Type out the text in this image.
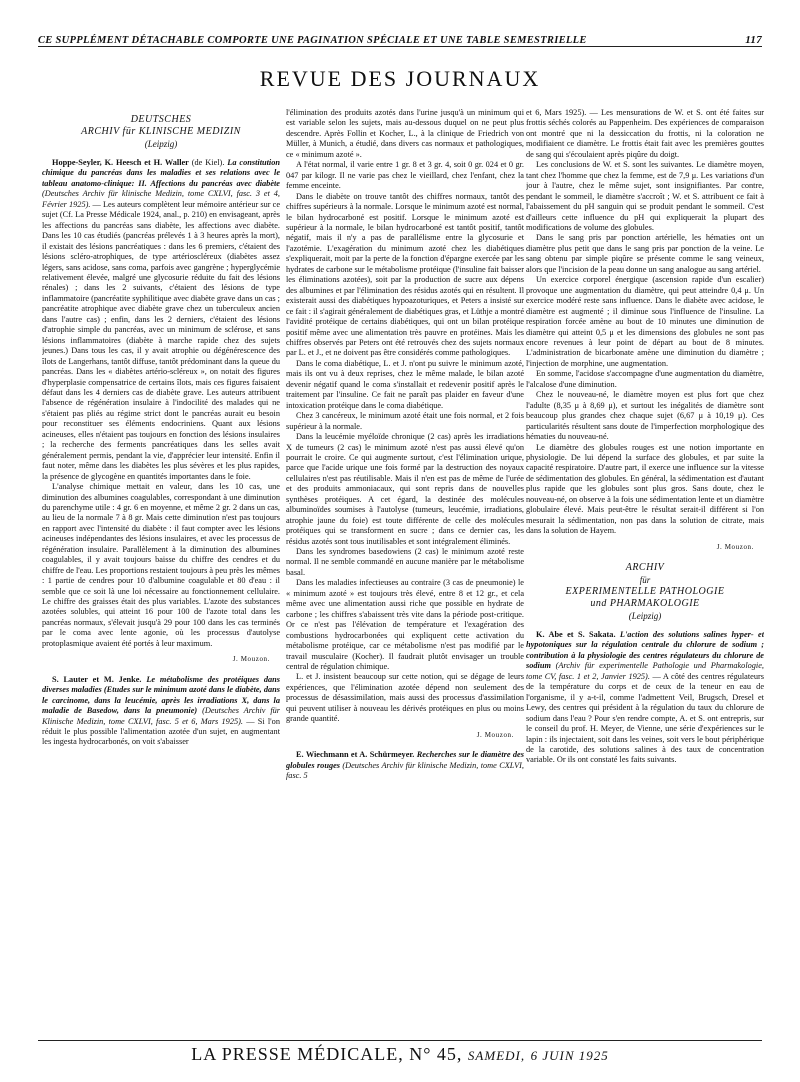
CE SUPPLÉMENT DÉTACHABLE COMPORTE UNE PAGINATION SPÉCIALE ET UNE TABLE SEMESTRIELLE	117
REVUE DES JOURNAUX
DEUTSCHES
ARCHIV für KLINISCHE MEDIZIN
(Leipzig)

Hoppe-Seyler, K. Heesch et H. Waller (de Kiel). La constitution chimique du pancréas dans les maladies et ses relations avec le tableau anatomo-clinique: II. Affections du pancréas avec diabète (Deutsches Archiv für klinische Medizin, tome CXLVI, fasc. 3 et 4, Février 1925). — Les auteurs complètent leur mémoire antérieur sur ce sujet (Cf. La Presse Médicale 1924, anal., p. 210) en envisageant, après les affections du pancréas sans diabète, les affections avec diabète. Dans les 10 cas étudiés (pancréas prélevés 1 à 3 heures après la mort), il existait des lésions pancréatiques : dans les 6 premiers, c'étaient des lésions scléro-atrophiques, de type artérioscléreux (diabètes assez légers, sans acidose, sans coma, parfois avec gangrène ; hyperglycémie relativement élevée, malgré une glycosurie réduite du fait des lésions rénales) ; dans les 2 suivants, c'étaient des lésions de type inflammatoire (pancréatite syphilitique avec diabète grave dans un cas ; pancréatite atrophique avec diabète grave chez un tuberculeux ancien dans l'autre cas) ; enfin, dans les 2 derniers, c'étaient des lésions d'atrophie simple du pancréas, avec un minimum de sclérose, et sans lésions inflammatoires (diabète à marche rapide chez des sujets jeunes.) Dans tous les cas, il y avait atrophie ou dégénérescence des îlots de Langerhans, tantôt diffuse, tantôt prédominant dans la queue du pancréas. Dans les « diabètes artério-scléreux », on notait des figures d'hyperplasie compensatrice de certains îlots, mais ces figures faisaient défaut dans les 4 derniers cas de diabète grave. Les auteurs attribuent l'absence de régénération insulaire à l'indocilité des malades qui ne s'étaient pas pliés au régime strict dont le pancréas aurait eu besoin pour reconstituer ses éléments endocriniens. Quant aux lésions acineuses, elles n'étaient pas toujours en fonction des lésions insulaires ; la recherche des ferments pancréatiques dans les selles avait généralement permis, pendant la vie, d'apprécier leur intensité. Enfin il faut noter, même dans les diabètes les plus sévères et les plus rapides, la présence de glycogène en quantités importantes dans le foie.

L'analyse chimique mettait en valeur, dans les 10 cas, une diminution des albumines coagulables, correspondant à une diminution du parenchyme utile : 4 gr. 6 en moyenne, et même 2 gr. 2 dans un cas, au lieu de la normale 7 à 8 gr. Mais cette diminution n'est pas toujours en rapport avec l'intensité du diabète : il faut compter avec les lésions acineuses indépendantes des lésions insulaires, et avec les processus de régénération insulaire. Parallèlement à la diminution des albumines coagulables, il y avait toujours baisse du chiffre des cendres et du chiffre de l'eau. Les proportions restaient toujours à peu près les mêmes : 1 partie de cendres pour 10 d'albumine coagulable et 80 d'eau : il semble que ce soit là une loi nécessaire au fonctionnement cellulaire. Le chiffre des graisses était des plus variables. L'azote des substances azotées solubles, qui atteint 16 pour 100 de l'azote total dans les pancréas normaux, s'élevait jusqu'à 29 pour 100 dans les cas terminés par le coma avec lente agonie, où les processus d'autolyse protoplasmique avaient été portés à leur maximum.

J. Mouzon.

S. Lauter et M. Jenke. Le métabolisme des protéiques dans diverses maladies (Etudes sur le minimum azoté dans le diabète, dans le carcinome, dans la leucémie, après les irradiations X, dans la maladie de Basedow, dans la pneumonie) (Deutsches Archiv für Klinische Medizin, tome CXLVI, fasc. 5 et 6, Mars 1925). — Si l'on réduit le plus possible l'alimentation azotée d'un sujet, en augmentant les ingesta hydrocarbonés, on voit s'abaisser

l'élimination des produits azotés dans l'urine jusqu'à un minimum qui est variable selon les sujets, mais au-dessous duquel on ne peut plus descendre. Après Follin et Kocher, L., à la clinique de Friedrich von Müller, à Munich, a étudié, dans divers cas normaux et pathologiques, ce « minimum azoté ».

A l'état normal, il varie entre 1 gr. 8 et 3 gr. 4, soit 0 gr. 024 et 0 gr. 047 par kilogr. Il ne varie pas chez le vieillard, chez l'enfant, chez la femme enceinte.

Dans le diabète on trouve tantôt des chiffres normaux, tantôt des chiffres supérieurs à la normale. Lorsque le minimum azoté est normal, le bilan hydrocarboné est positif. Lorsque le minimum azoté est supérieur à la normale, le bilan hydrocarboné est tantôt positif, tantôt négatif, mais il n'y a pas de parallélisme entre la glycosurie et l'azotémie. L'exagération du minimum azoté chez les diabétiques s'expliquerait, moit par la perte de la fonction d'épargne exercée par les hydrates de carbone sur le métabolisme protéique (l'insuline fait baisser les éliminations azotées), soit par la production de sucre aux dépens des albumines et par l'élimination des résidus azotés qui en résultent. Il existerait aussi des diabétiques hypoazoturiques, et Peters a insisté sur ce fait : il s'agirait généralement de diabétiques gras, et Lüthje a montré l'avidité protéique de certains diabétiques, qui ont un bilan protéique positif même avec une alimentation très pauvre en protéines. Mais les chiffres observés par Peters ont été retrouvés chez des sujets normaux par L. et J., et ne doivent pas être considérés comme pathologiques.

Dans le coma diabétique, L. et J. n'ont pu suivre le minimum azoté, mais ils ont vu à deux reprises, chez le même malade, le bilan azoté devenir négatif quand le coma s'installait et redevenir positif après le traitement par l'insuline. Ce fait ne paraît pas plaider en faveur d'une intoxication protéique dans le coma diabétique.

Chez 3 cancéreux, le minimum azoté était une fois normal, et 2 fois supérieur à la normale.

Dans la leucémie myéloïde chronique (2 cas) après les irradiations X de tumeurs (2 cas) le minimum azoté n'est pas aussi élevé qu'on pourrait le croire. Ce qui augmente surtout, c'est l'élimination urique, parce que l'acide urique une fois formé par la destruction des noyaux cellulaires n'est pas réutilisable. Mais il n'en est pas de même de l'urée et des produits ammoniacaux, qui sont repris dans de nouvelles synthèses protéiques. A cet égard, la destinée des molécules albuminoïdes soumises à l'autolyse (tumeurs, leucémie, irradiations, atrophie jaune du foie) est toute différente de celle des molécules protéiques qui se transforment en sucre ; dans ce dernier cas, les résidus azotés sont tous inutilisables et sont intégralement éliminés.

Dans les syndromes basedowiens (2 cas) le minimum azoté reste normal. Il ne semble commandé en aucune manière par le métabolisme basal.

Dans les maladies infectieuses au contraire (3 cas de pneumonie) le « minimum azoté » est toujours très élevé, entre 8 et 12 gr., et cela même avec une alimentation aussi riche que possible en hydrate de carbone ; les chiffres s'abaissent très vite dans la période post-critique. Or ce n'est pas l'élévation de température et l'exagération des combustions hydrocarbonées qui expliquent cette activation du métabolisme protéique, car ce métabolisme n'est pas modifié par le travail musculaire (Kocher). Il faudrait plutôt envisager un trouble central de régulation chimique.

L. et J. insistent beaucoup sur cette notion, qui se dégage de leurs expériences, que l'élimination azotée dépend non seulement des processus de désassimilation, mais aussi des processus d'assimilation qui peuvent utiliser à nouveau les dérivés protéiques en plus ou moins grande quantité.

J. Mouzon.

E. Wiechmann et A. Schürmeyer. Recherches sur le diamètre des globules rouges (Deutsches Archiv für klinische Medizin, tome CXLVI, fasc. 5

et 6, Mars 1925). — Les mensurations de W. et S. ont été faites sur frottis séchés colorés au Pappenheim. Des expériences de comparaison ont montré que ni la dessiccation du frottis, ni la coloration ne modifiaient ce diamètre. Le frottis était fait avec les premières gouttes de sang qui s'écoulaient après piqûre du doigt.

Les conclusions de W. et S. sont les suivantes. Le diamètre moyen, tant chez l'homme que chez la femme, est de 7,9 μ. Les variations d'un jour à l'autre, chez le même sujet, sont insignifiantes. Par contre, pendant le sommeil, le diamètre s'accroît ; W. et S. attribuent ce fait à l'abaissement du pH sanguin qui se produit pendant le sommeil. C'est d'ailleurs cette influence du pH qui expliquerait la plupart des modifications de volume des globules.

Dans le sang pris par ponction artérielle, les hématies ont un diamètre plus petit que dans le sang pris par ponction de la veine. Le sang obtenu par simple piqûre se présente comme le sang veineux, alors que l'incision de la peau donne un sang analogue au sang artériel.

Un exercice corporel énergique (ascension rapide d'un escalier) provoque une augmentation du diamètre, qui peut atteindre 0,4 μ. Un exercice modéré reste sans influence. Dans le diabète avec acidose, le diamètre est augmenté ; il diminue sous l'influence de l'insuline. La respiration forcée amène au bout de 10 minutes une diminution de diamètre qui atteint 0,5 μ et les dimensions des globules ne sont pas encore revenues à leur point de départ au bout de 8 minutes. L'administration de bicarbonate amène une diminution du diamètre ; l'injection de morphine, une augmentation.

En somme, l'acidose s'accompagne d'une augmentation du diamètre, l'alcalose d'une diminution.

Chez le nouveau-né, le diamètre moyen est plus fort que chez l'adulte (8,35 μ à 8,69 μ), et surtout les inégalités de diamètre sont beaucoup plus grandes chez chaque sujet (6,67 μ à 10,19 μ). Ces particularités résultent sans doute de l'imperfection morphologique des hématies du nouveau-né.

Le diamètre des globules rouges est une notion importante en physiologie. De lui dépend la surface des globules, et par suite la capacité respiratoire. D'autre part, il exerce une influence sur la vitesse de sédimentation des globules. En général, la sédimentation est d'autant plus rapide que les globules sont plus gros. Sans doute, chez le nouveau-né, on observe à la fois une sédimentation lente et un diamètre globulaire élevé. Mais peut-être le résultat serait-il différent si l'on mesurait la sédimentation, non pas dans la solution de citrate, mais dans la solution de Hayem.

J. Mouzon.
ARCHIV
für
EXPERIMENTELLE PATHOLOGIE
und PHARMAKOLOGIE
(Leipzig)

K. Abe et S. Sakata. L'action des solutions salines hyper- et hypotoniques sur la régulation centrale du chlorure de sodium ; contribution à la physiologie des centres régulateurs du chlorure de sodium (Archiv für experimentelle Pathologie und Pharmakologie, tome CV, fasc. 1 et 2, Janvier 1925). — A côté des centres régulateurs de la température du corps et de ceux de la teneur en eau de l'organisme, il y a-t-il, comme l'admettent Veil, Brugsch, Dresel et Lewy, des centres qui président à la régulation du taux du chlorure de sodium dans l'eau ? Pour s'en rendre compte, A. et S. ont entrepris, sur le conseil du prof. H. Meyer, de Vienne, une série d'expériences sur le lapin : ils injectaient, soit dans les veines, soit vers le bout périphérique de la carotide, des solutions salines à des taux de concentration variable. Or ils ont constaté les faits suivants.

LA PRESSE MÉDICALE, N° 45, SAMEDI, 6 JUIN 1925
